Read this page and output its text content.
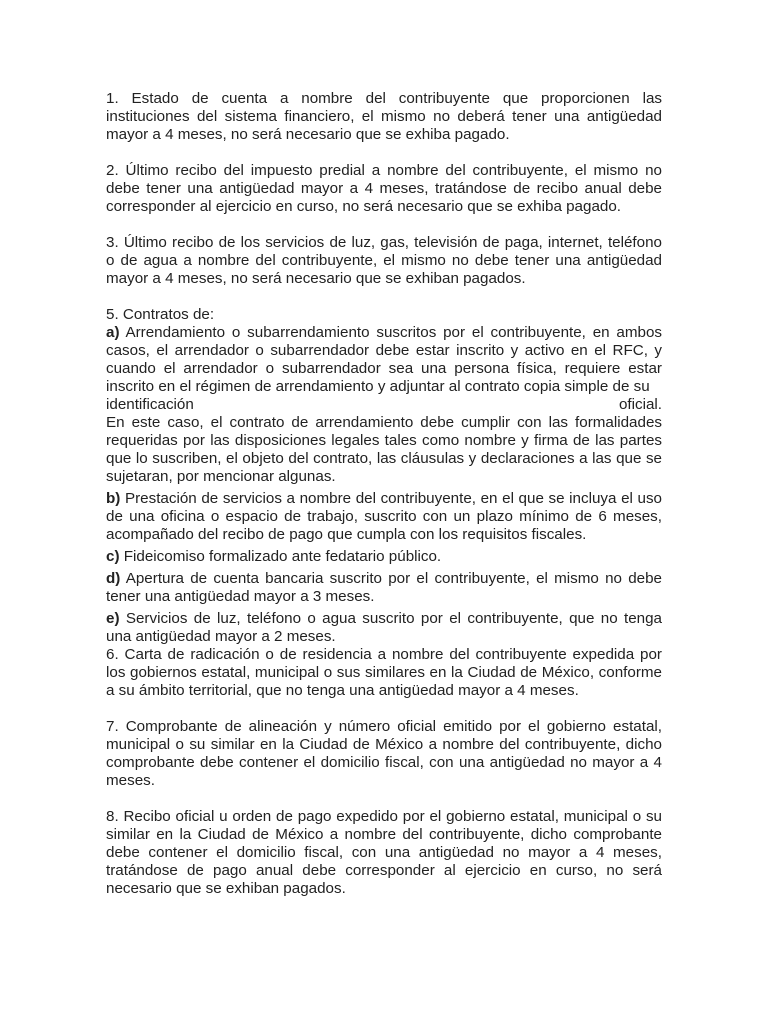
1. Estado de cuenta a nombre del contribuyente que proporcionen las instituciones del sistema financiero, el mismo no deberá tener una antigüedad mayor a 4 meses, no será necesario que se exhiba pagado.

2. Último recibo del impuesto predial a nombre del contribuyente, el mismo no debe tener una antigüedad mayor a 4 meses, tratándose de recibo anual debe corresponder al ejercicio en curso, no será necesario que se exhiba pagado.

3. Último recibo de los servicios de luz, gas, televisión de paga, internet, teléfono o de agua a nombre del contribuyente, el mismo no debe tener una antigüedad mayor a 4 meses, no será necesario que se exhiban pagados.

5. Contratos de:

a) Arrendamiento o subarrendamiento suscritos por el contribuyente, en ambos casos, el arrendador o subarrendador debe estar inscrito y activo en el RFC, y cuando el arrendador o subarrendador sea una persona física, requiere estar inscrito en el régimen de arrendamiento y adjuntar al contrato copia simple de su

identificación	oficial.

En este caso, el contrato de arrendamiento debe cumplir con las formalidades requeridas por las disposiciones legales tales como nombre y firma de las partes que lo suscriben, el objeto del contrato, las cláusulas y declaraciones a las que se sujetaran, por mencionar algunas.

b) Prestación de servicios a nombre del contribuyente, en el que se incluya el uso de una oficina o espacio de trabajo, suscrito con un plazo mínimo de 6 meses, acompañado del recibo de pago que cumpla con los requisitos fiscales.

c) Fideicomiso formalizado ante fedatario público.

d) Apertura de cuenta bancaria suscrito por el contribuyente, el mismo no debe tener una antigüedad mayor a 3 meses.

e) Servicios de luz, teléfono o agua suscrito por el contribuyente, que no tenga una antigüedad mayor a 2 meses.

6. Carta de radicación o de residencia a nombre del contribuyente expedida por los gobiernos estatal, municipal o sus similares en la Ciudad de México, conforme a su ámbito territorial, que no tenga una antigüedad mayor a 4 meses.

7. Comprobante de alineación y número oficial emitido por el gobierno estatal, municipal o su similar en la Ciudad de México a nombre del contribuyente, dicho comprobante debe contener el domicilio fiscal, con una antigüedad no mayor a 4 meses.

8. Recibo oficial u orden de pago expedido por el gobierno estatal, municipal o su similar en la Ciudad de México a nombre del contribuyente, dicho comprobante debe contener el domicilio fiscal, con una antigüedad no mayor a 4 meses, tratándose de pago anual debe corresponder al ejercicio en curso, no será necesario que se exhiban pagados.
